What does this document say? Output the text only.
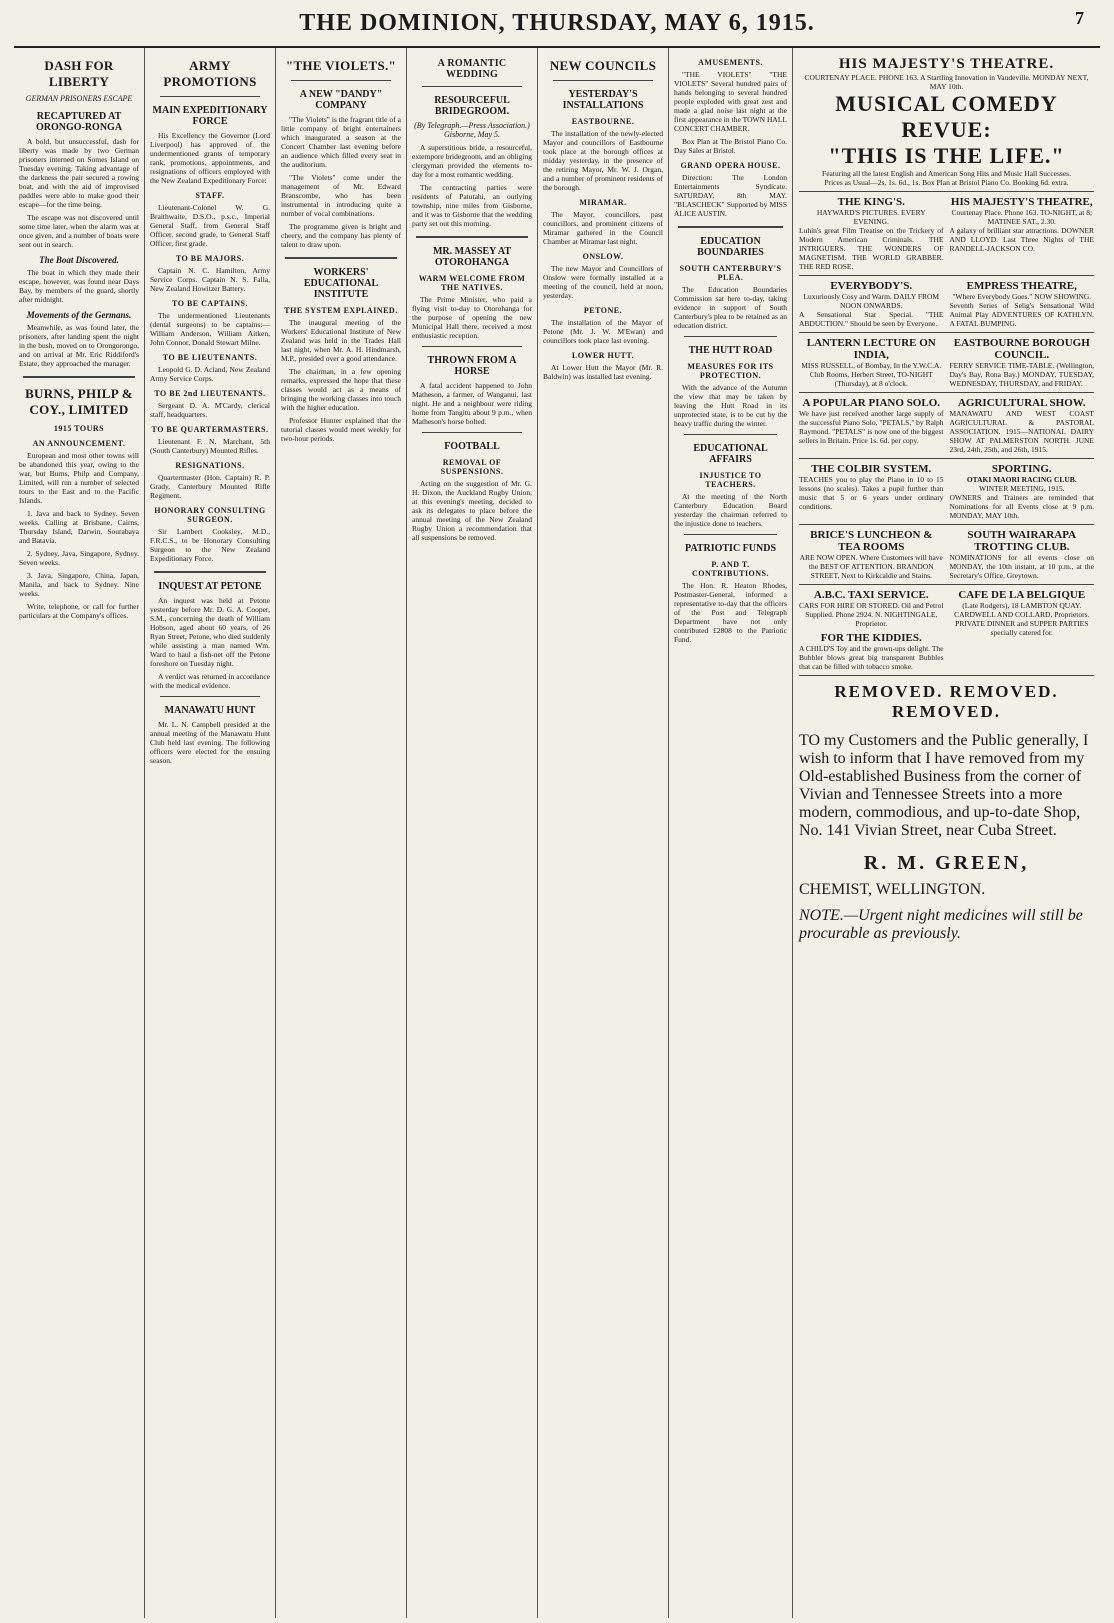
THE DOMINION, THURSDAY, MAY 6, 1915.	7
DASH FOR LIBERTY
GERMAN PRISONERS ESCAPE
RECAPTURED AT ORONGO-RONGA

A bold, but unsuccessful, dash for liberty was made by two German prisoners interned on Somes Island on Tuesday evening. Taking advantage of the darkness the pair secured a rowing boat, and with the aid of improvised paddles were able to make good their escape—for the time being.

The escape was not discovered until some time later, when the alarm was at once given, and a number of boats were sent out in search.

The Boat Discovered.

The boat in which they made their escape, however, was found near Days Bay, by members of the guard, shortly after midnight.

Movements of the Germans.

Meanwhile, as was found later, the prisoners, after landing spent the night in the bush, moved on to Orongorongo, and on arrival at Mr. Eric Riddiford's Estate, they approached the manager.

BURNS, PHILP & COY., LIMITED
1915 TOURS
AN ANNOUNCEMENT.

European and most other towns will be abandoned this year, owing to the war, but Burns, Philp and Company, Limited, will run a number of selected tours to the East and to the Pacific Islands.

1. Java and back to Sydney. Seven weeks. Calling at Brisbane, Cairns, Thursday Island, Darwin, Sourabaya and Batavia.

2. Sydney, Java, Singapore, Sydney. Seven weeks.

3. Java, Singapore, China, Japan, Manila, and back to Sydney. Nine weeks.

Write, telephone, or call for further particulars at the Company's offices.

ARMY PROMOTIONS
MAIN EXPEDITIONARY FORCE

His Excellency the Governor (Lord Liverpool) has approved of the undermentioned grants of temporary rank, promotions, appointments, and resignations of officers employed with the New Zealand Expeditionary Force:

STAFF.

Lieutenant-Colonel W. G. Braithwaite, D.S.O., p.s.c., Imperial General Staff, from General Staff Officer, second grade, to General Staff Officer, first grade.

TO BE MAJORS.

Captain N. C. Hamilton, Army Service Corps. Captain N. S. Falla, New Zealand Howitzer Battery.

TO BE CAPTAINS.

The undermentioned Lieutenants (dental surgeons) to be captains:—William Anderson, William Aitken, John Connor, Donald Stewart Milne.

TO BE LIEUTENANTS.

Leopold G. D. Acland, New Zealand Army Service Corps.

TO BE 2nd LIEUTENANTS.

Sergeant D. A. M'Cardy, clerical staff, headquarters.

TO BE QUARTERMASTERS.

Lieutenant F. N. Marchant, 5th (South Canterbury) Mounted Rifles.

RESIGNATIONS.

Quartermaster (Hon. Captain) R. P. Grady, Canterbury Mounted Rifle Regiment.

HONORARY CONSULTING SURGEON.

Sir Lambert Cooksley, M.D., F.R.C.S., to be Honorary Consulting Surgeon to the New Zealand Expeditionary Force.

INQUEST AT PETONE

An inquest was held at Petone yesterday before Mr. D. G. A. Cooper, S.M., concerning the death of William Hobson, aged about 60 years, of 26 Ryan Street, Petone, who died suddenly while assisting a man named Wm. Ward to haul a fish-net off the Petone foreshore on Tuesday night.

A verdict was returned in accordance with the medical evidence.

MANAWATU HUNT

Mr. L. N. Campbell presided at the annual meeting of the Manawatu Hunt Club held last evening. The following officers were elected for the ensuing season.

"THE VIOLETS."
A NEW "DANDY" COMPANY

"The Violets" is the fragrant title of a little company of bright entertainers which inaugurated a season at the Concert Chamber last evening before an audience which filled every seat in the auditorium.

"The Violets" come under the management of Mr. Edward Branscombe, who has been instrumental in introducing quite a number of vocal combinations.

The programme given is bright and cheery, and the company has plenty of talent to draw upon.

WORKERS' EDUCATIONAL INSTITUTE
THE SYSTEM EXPLAINED.

The inaugural meeting of the Workers' Educational Institute of New Zealand was held in the Trades Hall last night, when Mr. A. H. Hindmarsh, M.P., presided over a good attendance.

The chairman, in a few opening remarks, expressed the hope that these classes would act as a means of bringing the working classes into touch with the higher education.

Professor Hunter explained that the tutorial classes would meet weekly for two-hour periods.

A ROMANTIC WEDDING
RESOURCEFUL BRIDEGROOM.
(By Telegraph.—Press Association.) Gisborne, May 5.

A superstitious bride, a resourceful, extempore bridegroom, and an obliging clergyman provided the elements to-day for a most romantic wedding.

The contracting parties were residents of Patutahi, an outlying township, nine miles from Gisborne, and it was to Gisborne that the wedding party set out this morning.

MR. MASSEY AT OTOROHANGA
WARM WELCOME FROM THE NATIVES.

The Prime Minister, who paid a flying visit to-day to Otorohanga for the purpose of opening the new Municipal Hall there, received a most enthusiastic reception.

THROWN FROM A HORSE

A fatal accident happened to John Matheson, a farmer, of Wanganui, last night. He and a neighbour were riding home from Tangitu about 9 p.m., when Matheson's horse bolted.

FOOTBALL
REMOVAL OF SUSPENSIONS.

Acting on the suggestion of Mr. G. H. Dixon, the Auckland Rugby Union, at this evening's meeting, decided to ask its delegates to place before the annual meeting of the New Zealand Rugby Union a recommendation that all suspensions be removed.

NEW COUNCILS
YESTERDAY'S INSTALLATIONS
EASTBOURNE.

The installation of the newly-elected Mayor and councillors of Eastbourne took place at the borough offices at midday yesterday, in the presence of the retiring Mayor, Mr. W. J. Organ, and a number of prominent residents of the borough.

MIRAMAR.

The Mayor, councillors, past councillors, and prominent citizens of Miramar gathered in the Council Chamber at Miramar last night.

ONSLOW.

The new Mayor and Councillors of Onslow were formally installed at a meeting of the council, held at noon, yesterday.

PETONE.

The installation of the Mayor of Petone (Mr. J. W. M'Ewan) and councillors took place last evening.

LOWER HUTT.

At Lower Hutt the Mayor (Mr. R. Baldwin) was installed last evening.

AMUSEMENTS.

"THE VIOLETS" "THE VIOLETS" Several hundred pairs of hands belonging to several hundred people exploded with great zest and made a glad noise last night at the first appearance in the TOWN HALL CONCERT CHAMBER.

Box Plan at The Bristol Piano Co. Day Sales at Bristol.

GRAND OPERA HOUSE.

Direction: The London Entertainments Syndicate. SATURDAY, 8th MAY. "BLASCHECK" Supported by MISS ALICE AUSTIN.

EDUCATION BOUNDARIES
SOUTH CANTERBURY'S PLEA.

The Education Boundaries Commission sat here to-day, taking evidence in support of South Canterbury's plea to be retained as an education district.

THE HUTT ROAD
MEASURES FOR ITS PROTECTION.

With the advance of the Autumn the view that may be taken by leaving the Hutt Road in its unprotected state, is to be cut by the heavy traffic during the winter.

EDUCATIONAL AFFAIRS
INJUSTICE TO TEACHERS.

At the meeting of the North Canterbury Education Board yesterday the chairman referred to the injustice done to teachers.

PATRIOTIC FUNDS
P. AND T. CONTRIBUTIONS.

The Hon. R. Heaton Rhodes, Postmaster-General, informed a representative to-day that the officers of the Post and Telegraph Department have not only contributed £2808 to the Patriotic Fund.

HIS MAJESTY'S THEATRE.
COURTENAY PLACE. PHONE 163. A Startling Innovation in Vaudeville. MONDAY NEXT, MAY 10th.
MUSICAL COMEDY REVUE:
"THIS IS THE LIFE."
Featuring all the latest English and American Song Hits and Music Hall Successes.
Prices as Usual—2s, 1s. 6d., 1s. Box Plan at Bristol Piano Co. Booking 6d. extra.
THE KING'S.
HAYWARD'S PICTURES. EVERY EVENING.
Luhin's great Film Treatise on the Trickery of Modern American Criminals. THE INTRIGUERS. THE WONDERS OF MAGNETISM. THE WORLD GRABBER. THE RED ROSE.
HIS MAJESTY'S THEATRE,
Courtenay Place. Phone 163. TO-NIGHT, at 8; MATINEE SAT., 2.30.
A galaxy of brilliant star attractions. DOWNER AND LLOYD. Last Three Nights of THE RANDELL-JACKSON CO.
EVERYBODY'S.
Luxuriously Cosy and Warm. DAILY FROM NOON ONWARDS.
A Sensational Star Special. "THE ABDUCTION." Should be seen by Everyone.
EMPRESS THEATRE,
"Where Everybody Goes." NOW SHOWING.
Seventh Series of Selig's Sensational Wild Animal Play ADVENTURES OF KATHLYN. A FATAL BUMPING.
LANTERN LECTURE ON INDIA,
MISS RUSSELL, of Bombay, In the Y.W.C.A. Club Rooms, Herbert Street, TO-NIGHT (Thursday), at 8 o'clock.
EASTBOURNE BOROUGH COUNCIL.
FERRY SERVICE TIME-TABLE. (Wellington, Day's Bay, Rona Bay.) MONDAY, TUESDAY, WEDNESDAY, THURSDAY, and FRIDAY.
A POPULAR PIANO SOLO.
We have just received another large supply of the successful Piano Solo, "PETALS," by Ralph Raymond. "PETALS" is now one of the biggest sellers in Britain. Price 1s. 6d. per copy.
AGRICULTURAL SHOW.
MANAWATU AND WEST COAST AGRICULTURAL & PASTORAL ASSOCIATION. 1915—NATIONAL DAIRY SHOW AT PALMERSTON NORTH. JUNE 23rd, 24th, 25th, and 26th, 1915.
THE COLBIR SYSTEM.
TEACHES you to play the Piano in 10 to 15 lessons (no scales). Takes a pupil further than music that 5 or 6 years under ordinary conditions.
SPORTING.
OTAKI MAORI RACING CLUB.
WINTER MEETING, 1915.
OWNERS and Trainers are reminded that Nominations for all Events close at 9 p.m. MONDAY, MAY 10th.
BRICE'S LUNCHEON & TEA ROOMS
ARE NOW OPEN. Where Customers will have the BEST OF ATTENTION. BRANDON STREET, Next to Kirkcaldie and Stains.
SOUTH WAIRARAPA TROTTING CLUB.
NOMINATIONS for all events close on MONDAY, the 10th instant, at 10 p.m., at the Secretary's Office, Greytown.
A.B.C. TAXI SERVICE.
CARS FOR HIRE OR STORED. Oil and Petrol Supplied. Phone 2924. N. NIGHTINGALE, Proprietor.
FOR THE KIDDIES.
A CHILD'S Toy and the grown-ups delight. The Bubbler blows great big transparent Bubbles that can be filled with tobacco smoke.
CAFE DE LA BELGIQUE
(Late Rodgers), 18 LAMBTON QUAY. CARDWELL AND COLLARD, Proprietors. PRIVATE DINNER and SUPPER PARTIES specially catered for.
REMOVED. REMOVED. REMOVED.
TO my Customers and the Public generally, I wish to inform that I have removed from my Old-established Business from the corner of Vivian and Tennessee Streets into a more modern, commodious, and up-to-date Shop, No. 141 Vivian Street, near Cuba Street.
R. M. GREEN,
CHEMIST, WELLINGTON.
NOTE.—Urgent night medicines will still be procurable as previously.
